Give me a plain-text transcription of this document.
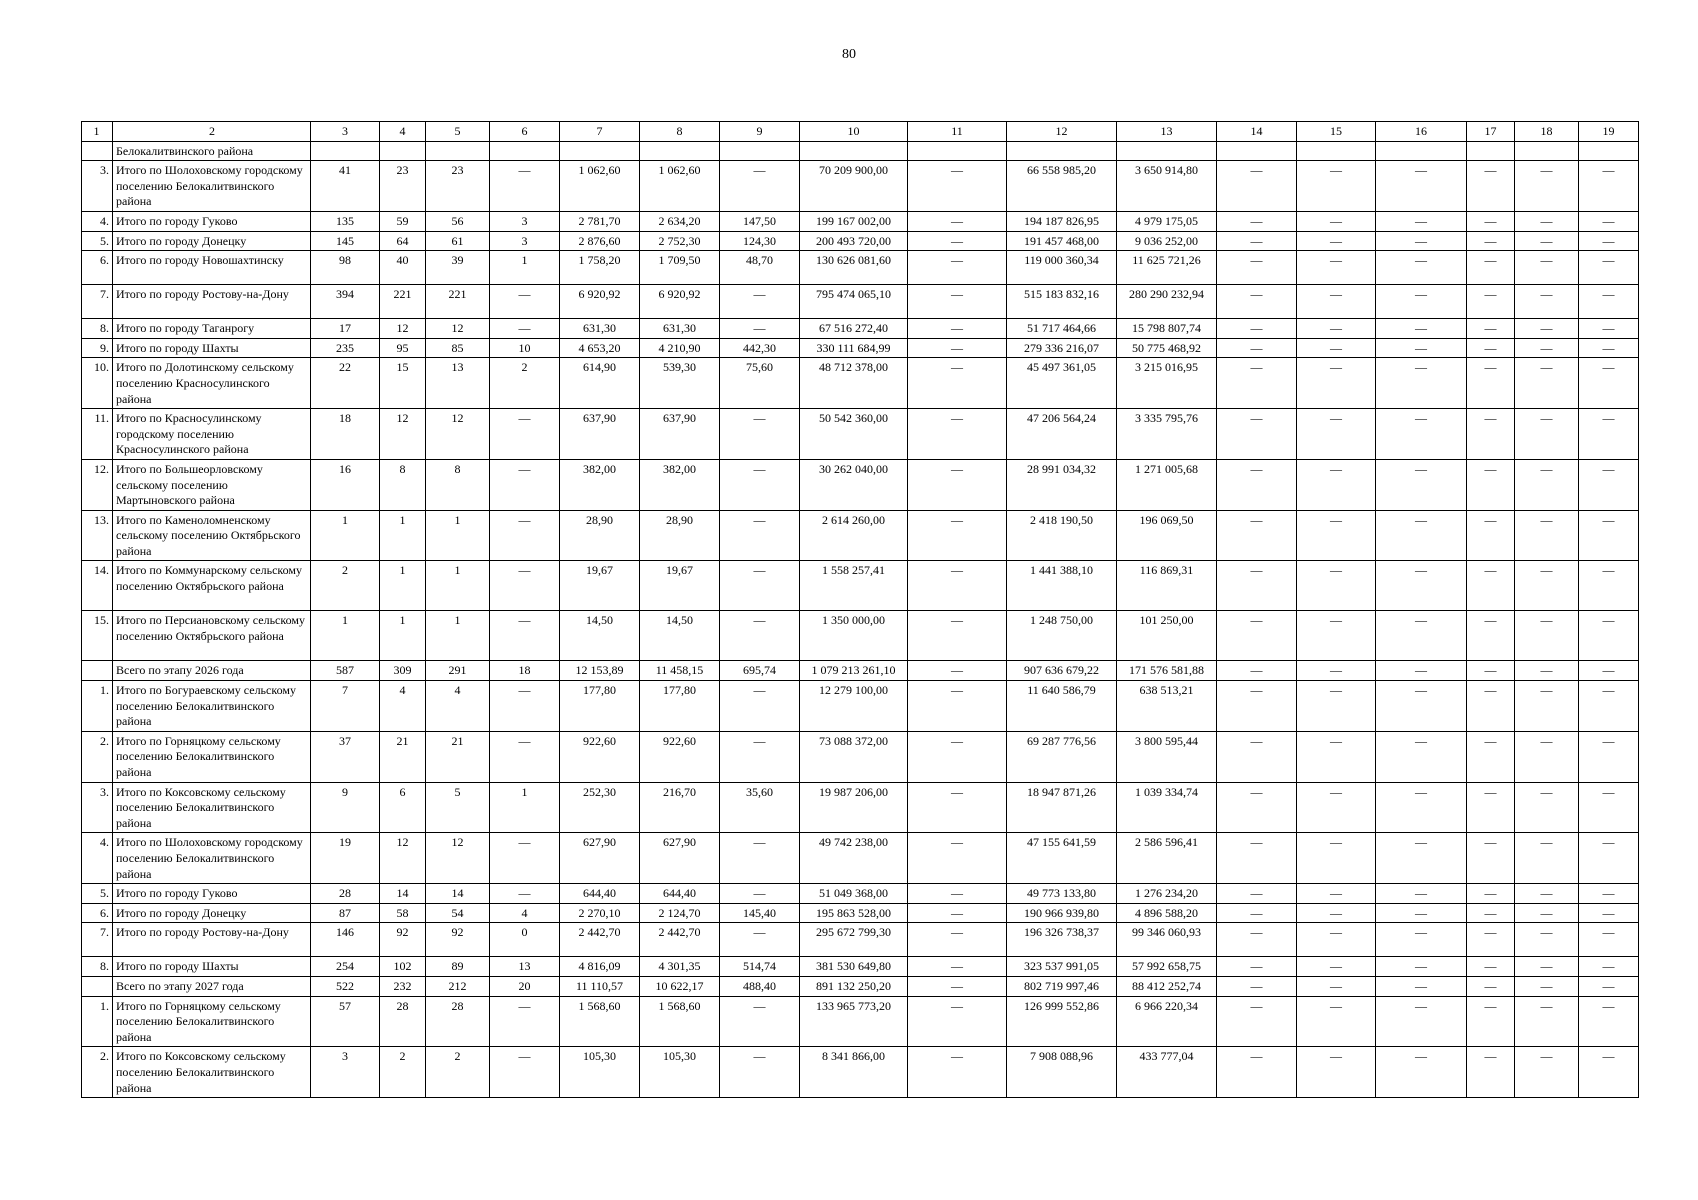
80
1	2	3	4	5	6	7	8	9	10	11	12	13	14	15	16	17	18	19
	Белокалитвинского района																	
3.	Итого по Шолоховскому городскому поселению Белокалитвинского района	41	23	23	—	1 062,60	1 062,60	—	70 209 900,00	—	66 558 985,20	3 650 914,80	—	—	—	—	—	—
4.	Итого по городу Гуково	135	59	56	3	2 781,70	2 634,20	147,50	199 167 002,00	—	194 187 826,95	4 979 175,05	—	—	—	—	—	—
5.	Итого по городу Донецку	145	64	61	3	2 876,60	2 752,30	124,30	200 493 720,00	—	191 457 468,00	9 036 252,00	—	—	—	—	—	—
6.	Итого по городу Новошахтинску	98	40	39	1	1 758,20	1 709,50	48,70	130 626 081,60	—	119 000 360,34	11 625 721,26	—	—	—	—	—	—
7.	Итого по городу Ростову-на-Дону	394	221	221	—	6 920,92	6 920,92	—	795 474 065,10	—	515 183 832,16	280 290 232,94	—	—	—	—	—	—
8.	Итого по городу Таганрогу	17	12	12	—	631,30	631,30	—	67 516 272,40	—	51 717 464,66	15 798 807,74	—	—	—	—	—	—
9.	Итого по городу Шахты	235	95	85	10	4 653,20	4 210,90	442,30	330 111 684,99	—	279 336 216,07	50 775 468,92	—	—	—	—	—	—
10.	Итого по Долотинскому сельскому поселению Красносулинского района	22	15	13	2	614,90	539,30	75,60	48 712 378,00	—	45 497 361,05	3 215 016,95	—	—	—	—	—	—
11.	Итого по Красносулинскому городскому поселению Красносулинского района	18	12	12	—	637,90	637,90	—	50 542 360,00	—	47 206 564,24	3 335 795,76	—	—	—	—	—	—
12.	Итого по Большеорловскому сельскому поселению Мартыновского района	16	8	8	—	382,00	382,00	—	30 262 040,00	—	28 991 034,32	1 271 005,68	—	—	—	—	—	—
13.	Итого по Каменоломненскому сельскому поселению Октябрьского района	1	1	1	—	28,90	28,90	—	2 614 260,00	—	2 418 190,50	196 069,50	—	—	—	—	—	—
14.	Итого по Коммунарскому сельскому поселению Октябрьского района	2	1	1	—	19,67	19,67	—	1 558 257,41	—	1 441 388,10	116 869,31	—	—	—	—	—	—
15.	Итого по Персиановскому сельскому поселению Октябрьского района	1	1	1	—	14,50	14,50	—	1 350 000,00	—	1 248 750,00	101 250,00	—	—	—	—	—	—
	Всего по этапу 2026 года	587	309	291	18	12 153,89	11 458,15	695,74	1 079 213 261,10	—	907 636 679,22	171 576 581,88	—	—	—	—	—	—
1.	Итого по Богураевскому сельскому поселению Белокалитвинского района	7	4	4	—	177,80	177,80	—	12 279 100,00	—	11 640 586,79	638 513,21	—	—	—	—	—	—
2.	Итого по Горняцкому сельскому поселению Белокалитвинского района	37	21	21	—	922,60	922,60	—	73 088 372,00	—	69 287 776,56	3 800 595,44	—	—	—	—	—	—
3.	Итого по Коксовскому сельскому поселению Белокалитвинского района	9	6	5	1	252,30	216,70	35,60	19 987 206,00	—	18 947 871,26	1 039 334,74	—	—	—	—	—	—
4.	Итого по Шолоховскому городскому поселению Белокалитвинского района	19	12	12	—	627,90	627,90	—	49 742 238,00	—	47 155 641,59	2 586 596,41	—	—	—	—	—	—
5.	Итого по городу Гуково	28	14	14	—	644,40	644,40	—	51 049 368,00	—	49 773 133,80	1 276 234,20	—	—	—	—	—	—
6.	Итого по городу Донецку	87	58	54	4	2 270,10	2 124,70	145,40	195 863 528,00	—	190 966 939,80	4 896 588,20	—	—	—	—	—	—
7.	Итого по городу Ростову-на-Дону	146	92	92	0	2 442,70	2 442,70	—	295 672 799,30	—	196 326 738,37	99 346 060,93	—	—	—	—	—	—
8.	Итого по городу Шахты	254	102	89	13	4 816,09	4 301,35	514,74	381 530 649,80	—	323 537 991,05	57 992 658,75	—	—	—	—	—	—
	Всего по этапу 2027 года	522	232	212	20	11 110,57	10 622,17	488,40	891 132 250,20	—	802 719 997,46	88 412 252,74	—	—	—	—	—	—
1.	Итого по Горняцкому сельскому поселению Белокалитвинского района	57	28	28	—	1 568,60	1 568,60	—	133 965 773,20	—	126 999 552,86	6 966 220,34	—	—	—	—	—	—
2.	Итого по Коксовскому сельскому поселению Белокалитвинского района	3	2	2	—	105,30	105,30	—	8 341 866,00	—	7 908 088,96	433 777,04	—	—	—	—	—	—
